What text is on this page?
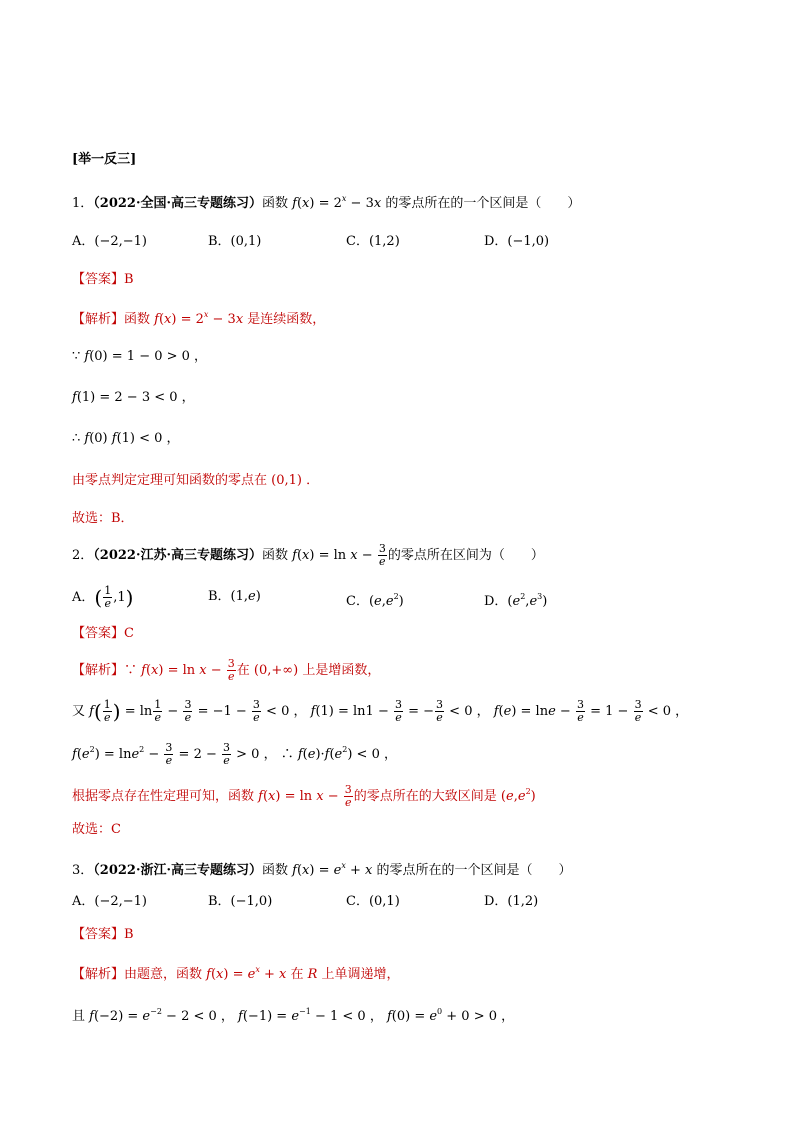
[举一反三]
1．（2022·全国·高三专题练习）函数 $f(x) = 2^x - 3x$ 的零点所在的一个区间是（　　）
A．(−2,−1)	B．(0,1)	C．(1,2)	D．(−1,0)
【答案】B
【解析】函数 $f(x) = 2^x - 3x$ 是连续函数，
∵ f(0) = 1 − 0 > 0 ，
f(1) = 2 − 3 < 0 ，
∴ f(0) f(1) < 0 ，
由零点判定定理可知函数的零点在 (0,1) ．
故选：B．
2．（2022·江苏·高三专题练习）函数 $f(x) = \ln x - \frac{3}{e}$ 的零点所在区间为（　　）
A．( $\frac{1}{e} ,1$)	B．(1,e)	C．$(e,e^2)$	D．$(e^2,e^3)$
【答案】C
【解析】∵ $f(x) = \ln x - \frac{3}{e}$ 在 (0,+∞) 上是增函数，
又 $f( \frac{1}{e}$ ) = $\ln \frac{1}{e} - \frac{3}{e} = -1 - \frac{3}{e} < 0$ ， $f(1) = \ln 1 - \frac{3}{e}$ = − $\frac{3}{e} < 0$ ， $f(e) = \ln e - \frac{3}{e} = 1 - \frac{3}{e} < 0$ ，
$f(e^2) = \ln e^2 - \frac{3}{e} = 2 - \frac{3}{e} > 0$ ， ∴ $f(e)\cdot f(e^2) < 0$ ，
根据零点存在性定理可知，函数 $f(x) = \ln x - \frac{3}{e}$ 的零点所在的大致区间是 $(e,e^2)$
故选：C
3．（2022·浙江·高三专题练习）函数 $f(x) = e^x + x$ 的零点所在的一个区间是（　　）
A．(−2,−1)	B．(−1,0)	C．(0,1)	D．(1,2)
【答案】B
【解析】由题意，函数 $f(x) = e^x + x$ 在 R 上单调递增，
且 $f(-2) = e^{-2} - 2 < 0$ ， $f(-1) = e^{-1} - 1 < 0$ ， $f(0) = e^0 + 0 > 0$ ，
